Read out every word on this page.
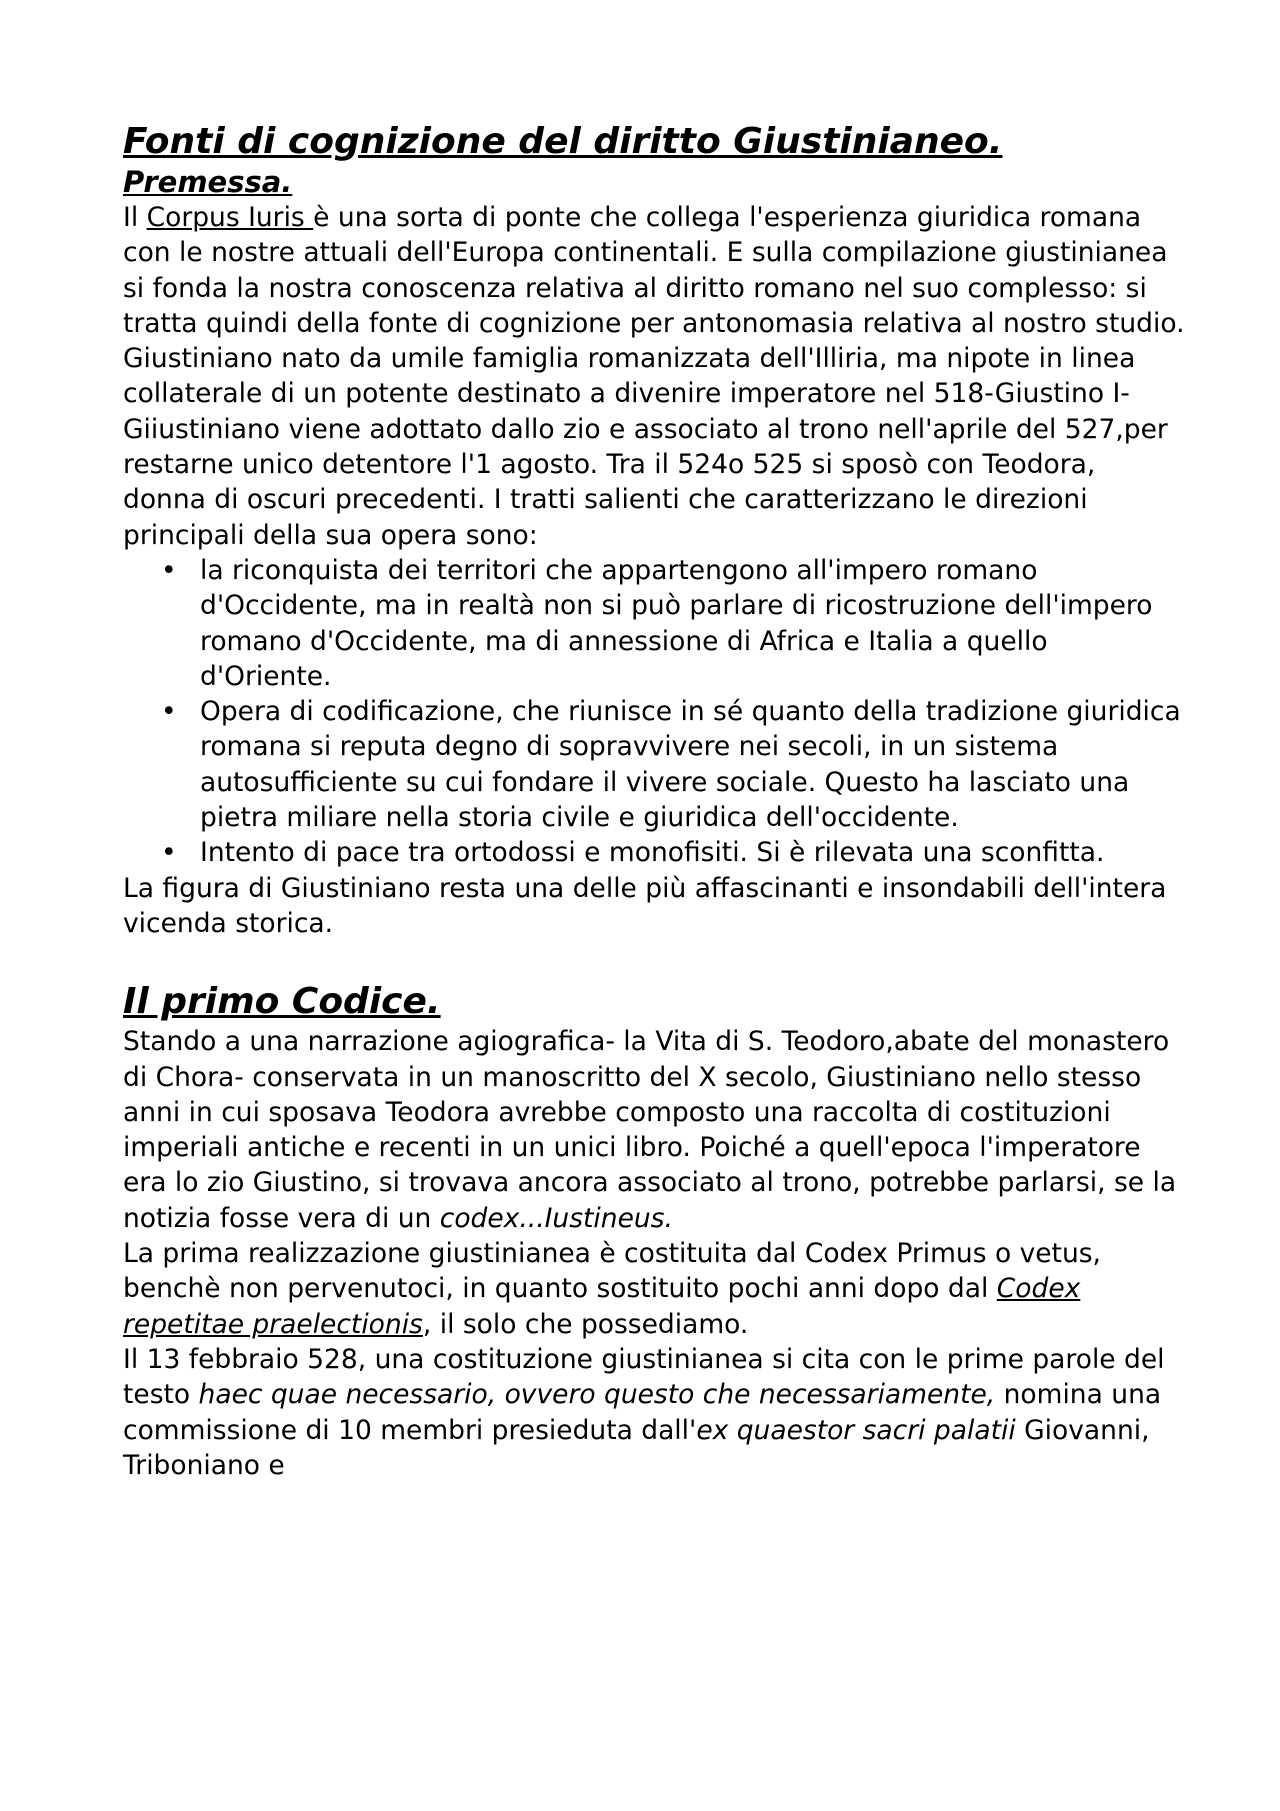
Fonti di cognizione del diritto Giustinianeo.
Premessa.

Il Corpus Iuris è una sorta di ponte che collega l'esperienza giuridica romana con le nostre attuali dell'Europa continentali. E sulla compilazione giustinianea si fonda la nostra conoscenza relativa al diritto romano nel suo complesso: si tratta quindi della fonte di cognizione per antonomasia relativa al nostro studio.

Giustiniano nato da umile famiglia romanizzata dell'Illiria, ma nipote in linea collaterale di un potente destinato a divenire imperatore nel 518-Giustino I- Giiustiniano viene adottato dallo zio e associato al trono nell'aprile del 527,per restarne unico detentore l'1 agosto. Tra il 524o 525 si sposò con Teodora, donna di oscuri precedenti. I tratti salienti che caratterizzano le direzioni principali della sua opera sono:

• la riconquista dei territori che appartengono all'impero romano d'Occidente, ma in realtà non si può parlare di ricostruzione dell'impero romano d'Occidente, ma di annessione di Africa e Italia a quello d'Oriente.
• Opera di codificazione, che riunisce in sé quanto della tradizione giuridica romana si reputa degno di sopravvivere nei secoli, in un sistema autosufficiente su cui fondare il vivere sociale. Questo ha lasciato una pietra miliare nella storia civile e giuridica dell'occidente.
• Intento di pace tra ortodossi e monofisiti. Si è rilevata una sconfitta.

La figura di Giustiniano resta una delle più affascinanti e insondabili dell'intera vicenda storica.

Il primo Codice.

Stando a una narrazione agiografica- la Vita di S. Teodoro,abate del monastero di Chora- conservata in un manoscritto del X secolo, Giustiniano nello stesso anni in cui sposava Teodora avrebbe composto una raccolta di costituzioni imperiali antiche e recenti in un unici libro. Poiché a quell'epoca l'imperatore era lo zio Giustino, si trovava ancora associato al trono, potrebbe parlarsi, se la notizia fosse vera di un codex...Iustineus.

La prima realizzazione giustinianea è costituita dal Codex Primus o vetus, benchè non pervenutoci, in quanto sostituito pochi anni dopo dal Codex repetitae praelectionis, il solo che possediamo.

Il 13 febbraio 528, una costituzione giustinianea si cita con le prime parole del testo haec quae necessario, ovvero questo che necessariamente, nomina una commissione di 10 membri presieduta dall'ex quaestor sacri palatii Giovanni, Triboniano e
